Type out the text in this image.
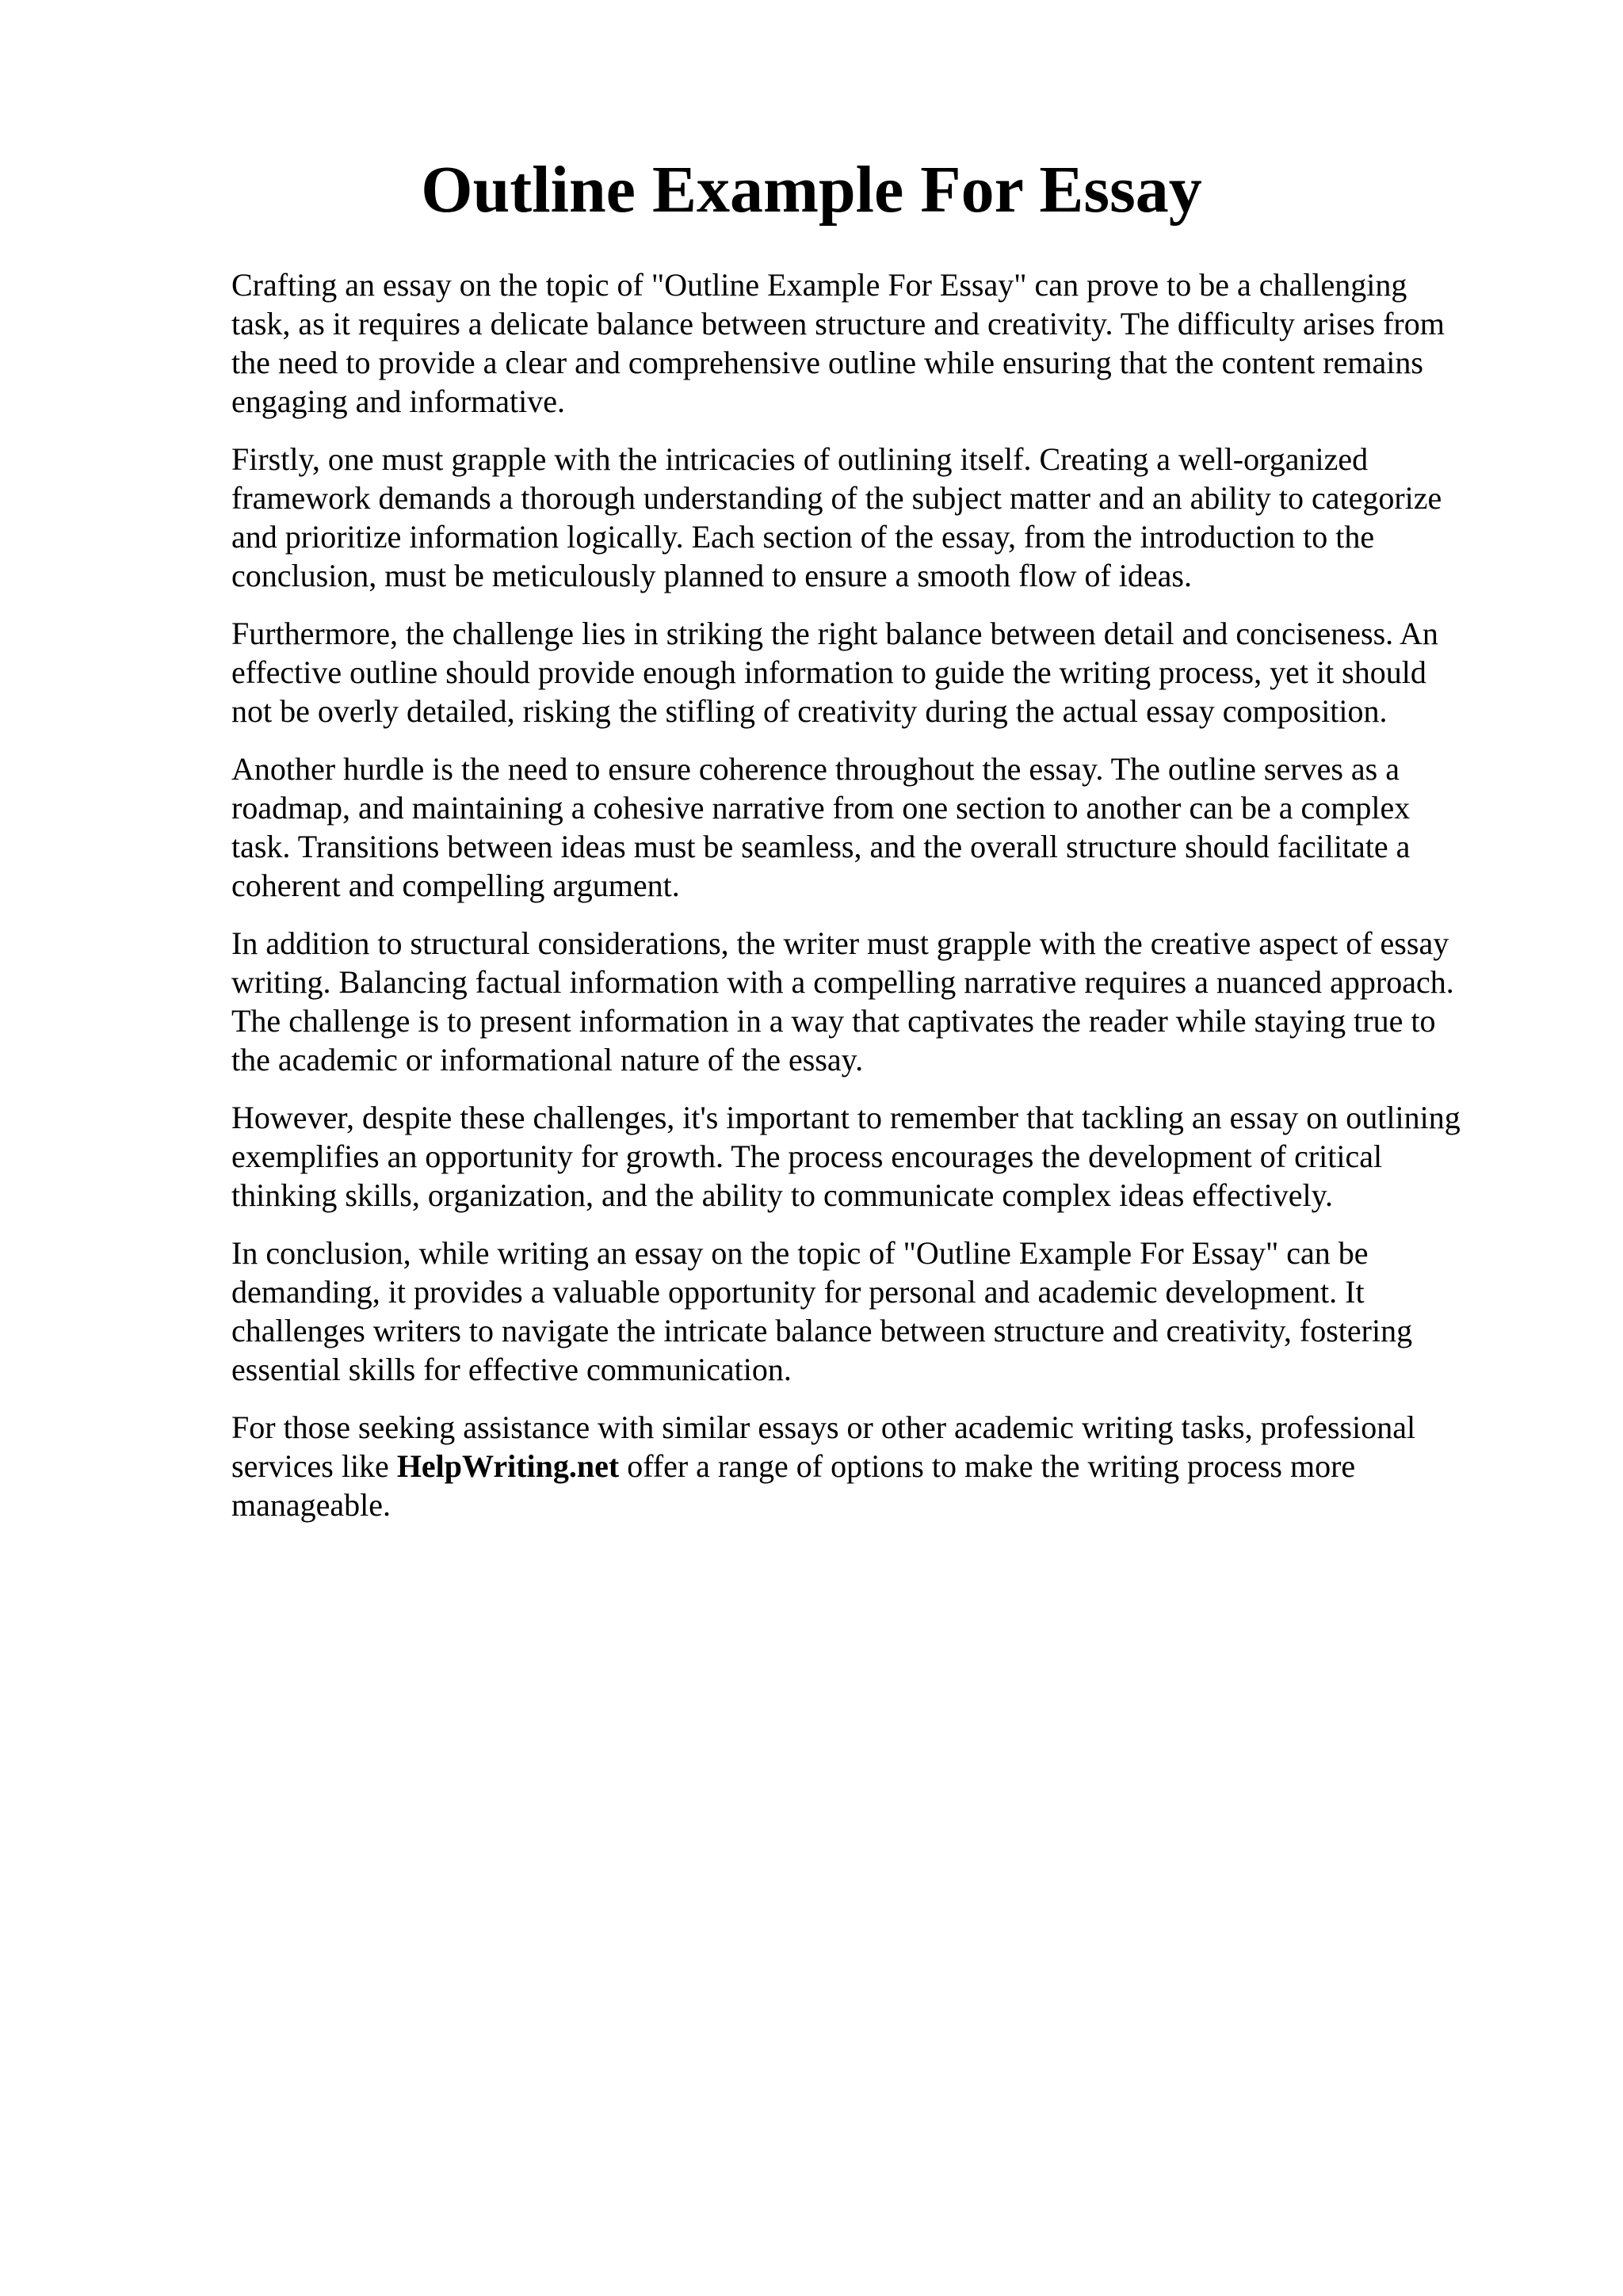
Outline Example For Essay

Crafting an essay on the topic of "Outline Example For Essay" can prove to be a challenging
task, as it requires a delicate balance between structure and creativity. The difficulty arises from
the need to provide a clear and comprehensive outline while ensuring that the content remains
engaging and informative.

Firstly, one must grapple with the intricacies of outlining itself. Creating a well-organized
framework demands a thorough understanding of the subject matter and an ability to categorize
and prioritize information logically. Each section of the essay, from the introduction to the
conclusion, must be meticulously planned to ensure a smooth flow of ideas.

Furthermore, the challenge lies in striking the right balance between detail and conciseness. An
effective outline should provide enough information to guide the writing process, yet it should
not be overly detailed, risking the stifling of creativity during the actual essay composition.

Another hurdle is the need to ensure coherence throughout the essay. The outline serves as a
roadmap, and maintaining a cohesive narrative from one section to another can be a complex
task. Transitions between ideas must be seamless, and the overall structure should facilitate a
coherent and compelling argument.

In addition to structural considerations, the writer must grapple with the creative aspect of essay
writing. Balancing factual information with a compelling narrative requires a nuanced approach.
The challenge is to present information in a way that captivates the reader while staying true to
the academic or informational nature of the essay.

However, despite these challenges, it's important to remember that tackling an essay on outlining
exemplifies an opportunity for growth. The process encourages the development of critical
thinking skills, organization, and the ability to communicate complex ideas effectively.

In conclusion, while writing an essay on the topic of "Outline Example For Essay" can be
demanding, it provides a valuable opportunity for personal and academic development. It
challenges writers to navigate the intricate balance between structure and creativity, fostering
essential skills for effective communication.

For those seeking assistance with similar essays or other academic writing tasks, professional
services like HelpWriting.net offer a range of options to make the writing process more
manageable.
